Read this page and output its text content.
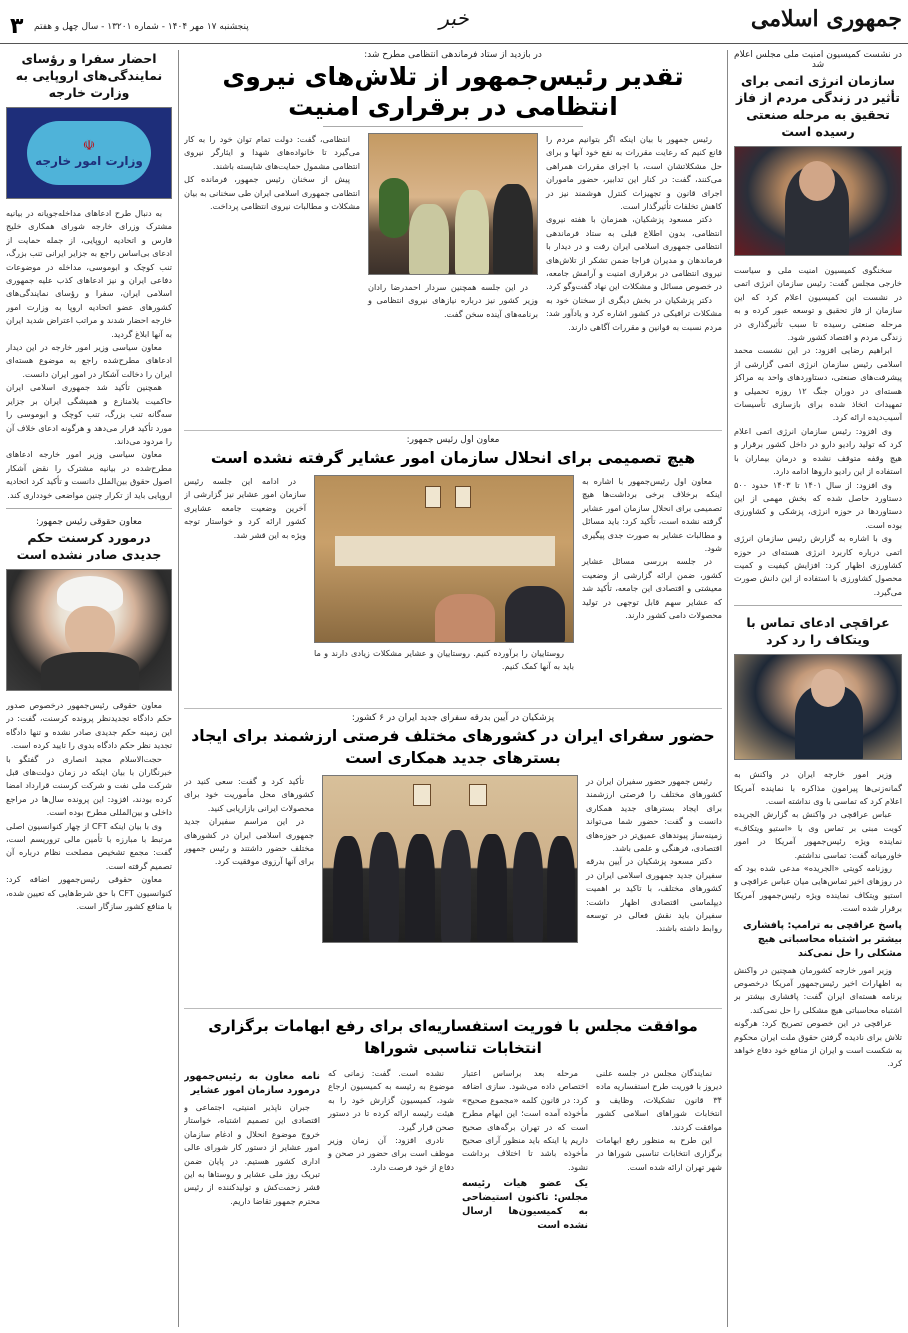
جمهوری اسلامی
خبر
پنجشنبه ۱۷ مهر ۱۴۰۴ - شماره ۱۳۲۰۱ - سال چهل و هفتم
۳
در نشست کمیسیون امنیت ملی مجلس اعلام شد
سازمان انرژی اتمی برای تأثیر در زندگی مردم از فاز تحقیق به مرحله صنعتی رسیده است

سخنگوی کمیسیون امنیت ملی و سیاست خارجی مجلس گفت: رئیس سازمان انرژی اتمی در نشست این کمیسیون اعلام کرد که این سازمان از فاز تحقیق و توسعه عبور کرده و به مرحله صنعتی رسیده تا سبب تأثیرگذاری در زندگی مردم و اقتصاد کشور شود.

ابراهیم رضایی افزود: در این نشست محمد اسلامی رئیس سازمان انرژی اتمی گزارشی از پیشرفت‌های صنعتی، دستاوردهای واحد به مراکز هسته‌ای در دوران جنگ ۱۲ روزه تحمیلی و تمهیدات اتخاذ شده برای بازسازی تأسیسات آسیب‌دیده ارائه کرد.

وی افزود: رئیس سازمان انرژی اتمی اعلام کرد که تولید رادیو دارو در داخل کشور برقرار و هیچ وقفه متوقف نشده و درمان بیماران با استفاده از این رادیو داروها ادامه دارد.

وی افزود: از سال ۱۴۰۱ تا ۱۴۰۳ حدود ۵۰۰ دستاورد حاصل شده که بخش مهمی از این دستاوردها در حوزه انرژی، پزشکی و کشاورزی بوده است.

وی با اشاره به گزارش رئیس سازمان انرژی اتمی درباره کاربرد انرژی هسته‌ای در حوزه کشاورزی اظهار کرد: افزایش کیفیت و کمیت محصول کشاورزی با استفاده از این دانش صورت می‌گیرد.

عراقچی ادعای تماس با ویتکاف را رد کرد

وزیر امور خارجه ایران در واکنش به گمانه‌زنی‌ها پیرامون مذاکره با نماینده آمریکا اعلام کرد که تماسی با وی نداشته است.

عباس عراقچی در واکنش به گزارش الجریده کویت مبنی بر تماس وی با «استیو ویتکاف» نماینده ویژه رئیس‌جمهور آمریکا در امور خاورمیانه گفت: تماسی نداشتم.

روزنامه کویتی «الجریده» مدعی شده بود که در روزهای اخیر تماس‌هایی میان عباس عراقچی و استیو ویتکاف نماینده ویژه رئیس‌جمهور آمریکا برقرار شده است.

پاسخ عراقچی به ترامپ: پافشاری بیشتر بر اشتباه محاسباتی هیچ مشکلی را حل نمی‌کند

وزیر امور خارجه کشورمان همچنین در واکنش به اظهارات اخیر رئیس‌جمهور آمریکا درخصوص برنامه هسته‌ای ایران گفت: پافشاری بیشتر بر اشتباه محاسباتی هیچ مشکلی را حل نمی‌کند.

عراقچی در این خصوص تصریح کرد: هرگونه تلاش برای نادیده گرفتن حقوق ملت ایران محکوم به شکست است و ایران از منافع خود دفاع خواهد کرد.

در بازدید از ستاد فرماندهی انتظامی مطرح شد:
تقدیر رئیس‌جمهور از تلاش‌های نیروی انتظامی در برقراری امنیت

رئیس جمهور با بیان اینکه اگر بتوانیم مردم را قانع کنیم که رعایت مقررات به نفع خود آنها و برای حل مشکلاتشان است، با اجرای مقررات همراهی می‌کنند، گفت: در کنار این تدابیر، حضور ماموران اجرای قانون و تجهیزات کنترل هوشمند نیز در کاهش تخلفات تأثیرگذار است.

دکتر مسعود پزشکیان، همزمان با هفته نیروی انتظامی، بدون اطلاع قبلی به ستاد فرماندهی انتظامی جمهوری اسلامی ایران رفت و در دیدار با فرماندهان و مدیران فراجا ضمن تشکر از تلاش‌های نیروی انتظامی در برقراری امنیت و آرامش جامعه، در خصوص مسائل و مشکلات این نهاد گفت‌وگو کرد.

دکتر پزشکیان در بخش دیگری از سخنان خود به مشکلات ترافیکی در کشور اشاره کرد و یادآور شد: مردم نسبت به قوانین و مقررات آگاهی دارند.

در این جلسه همچنین سردار احمدرضا رادان وزیر کشور نیز درباره نیازهای نیروی انتظامی و برنامه‌های آینده سخن گفت.

انتظامی، گفت: دولت تمام توان خود را به کار می‌گیرد تا خانواده‌های شهدا و ایثارگر نیروی انتظامی مشمول حمایت‌های شایسته باشند.

پیش از سخنان رئیس جمهور، فرمانده کل انتظامی جمهوری اسلامی ایران طی سخنانی به بیان مشکلات و مطالبات نیروی انتظامی پرداخت.

معاون اول رئیس جمهور:
هیچ تصمیمی برای انحلال سازمان امور عشایر گرفته نشده است

معاون اول رئیس‌جمهور با اشاره به اینکه برخلاف برخی برداشت‌ها هیچ تصمیمی برای انحلال سازمان امور عشایر گرفته نشده است، تأکید کرد: باید مسائل و مطالبات عشایر به صورت جدی پیگیری شود.

در جلسه بررسی مسائل عشایر کشور، ضمن ارائه گزارشی از وضعیت معیشتی و اقتصادی این جامعه، تأکید شد که عشایر سهم قابل توجهی در تولید محصولات دامی کشور دارند.

روستاییان را برآورده کنیم. روستاییان و عشایر مشکلات زیادی دارند و ما باید به آنها کمک کنیم.

در ادامه این جلسه رئیس سازمان امور عشایر نیز گزارشی از آخرین وضعیت جامعه عشایری کشور ارائه کرد و خواستار توجه ویژه به این قشر شد.

پزشکیان در آیین بدرقه سفرای جدید ایران در ۶ کشور:
حضور سفرای ایران در کشورهای مختلف فرصتی ارزشمند برای ایجاد بسترهای جدید همکاری است

رئیس جمهور حضور سفیران ایران در کشورهای مختلف را فرصتی ارزشمند برای ایجاد بسترهای جدید همکاری دانست و گفت: حضور شما می‌تواند زمینه‌ساز پیوندهای عمیق‌تر در حوزه‌های اقتصادی، فرهنگی و علمی باشد.

دکتر مسعود پزشکیان در آیین بدرقه سفیران جدید جمهوری اسلامی ایران در کشورهای مختلف، با تاکید بر اهمیت دیپلماسی اقتصادی اظهار داشت: سفیران باید نقش فعالی در توسعه روابط داشته باشند.

تأکید کرد و گفت: سعی کنید در کشورهای محل مأموریت خود برای محصولات ایرانی بازاریابی کنید.

در این مراسم سفیران جدید جمهوری اسلامی ایران در کشورهای مختلف حضور داشتند و رئیس جمهور برای آنها آرزوی موفقیت کرد.

موافقت مجلس با فوریت استفساریه‌ای برای رفع ابهامات برگزاری انتخابات تناسبی شوراها

نمایندگان مجلس در جلسه علنی دیروز با فوریت طرح استفساریه ماده ۳۴ قانون تشکیلات، وظایف و انتخابات شوراهای اسلامی کشور موافقت کردند.

این طرح به منظور رفع ابهامات برگزاری انتخابات تناسبی شوراها در شهر تهران ارائه شده است.

مرحله بعد براساس اعتبار اختصاص داده می‌شود. سازی اضافه کرد: در قانون کلمه «مجموع صحیح» مأخوذه آمده است؛ این ابهام مطرح است که در تهران برگه‌های صحیح داریم یا اینکه باید منظور آرای صحیح مأخوذه باشد تا اختلاف برداشت نشود.

یک عضو هیات رئیسه مجلس: تاکنون استیضاحی به کمیسیون‌ها ارسال نشده است

نشده است. گفت: زمانی که موضوع به رئیسه به کمیسیون ارجاع شود، کمیسیون گزارش خود را به هیئت رئیسه ارائه کرده تا در دستور صحن قرار گیرد.

نادری افزود: آن زمان وزیر موظف است برای حضور در صحن و دفاع از خود فرصت دارد.

نامه معاون به رئیس‌جمهور درمورد سازمان امور عشایر

جبران ناپذیر امنیتی، اجتماعی و اقتصادی این تصمیم اشتباه، خواستار خروج موضوع انحلال و ادغام سازمان امور عشایر از دستور کار شورای عالی اداری کشور هستیم. در پایان ضمن تبریک روز ملی عشایر و روستاها به این قشر زحمت‌کش و تولیدکننده از رئیس محترم جمهور تقاضا داریم.

احضار سفرا و رؤسای نمایندگی‌های اروپایی به وزارت خارجه
☫
وزارت امور خارجه

به دنبال طرح ادعاهای مداخله‌جویانه در بیانیه مشترک وزرای خارجه شورای همکاری خلیج فارس و اتحادیه اروپایی، از جمله حمایت از ادعای بی‌اساس راجع به جزایر ایرانی تنب بزرگ، تنب کوچک و ابوموسی، مداخله در موضوعات دفاعی ایران و نیز ادعاهای کذب علیه جمهوری اسلامی ایران، سفرا و رؤسای نمایندگی‌های کشورهای عضو اتحادیه اروپا به وزارت امور خارجه احضار شدند و مراتب اعتراض شدید ایران به آنها ابلاغ گردید.

معاون سیاسی وزیر امور خارجه در این دیدار ادعاهای مطرح‌شده راجع به موضوع هسته‌ای ایران را دخالت آشکار در امور ایران دانست.

همچنین تأکید شد جمهوری اسلامی ایران حاکمیت بلامنازع و همیشگی ایران بر جزایر سه‌گانه تنب بزرگ، تنب کوچک و ابوموسی را مورد تأکید قرار می‌دهد و هرگونه ادعای خلاف آن را مردود می‌داند.

معاون سیاسی وزیر امور خارجه ادعاهای مطرح‌شده در بیانیه مشترک را نقض آشکار اصول حقوق بین‌الملل دانست و تأکید کرد اتحادیه اروپایی باید از تکرار چنین مواضعی خودداری کند.

معاون حقوقی رئیس جمهور:
درمورد کرسنت حکم جدیدی صادر نشده است

معاون حقوقی رئیس‌جمهور درخصوص صدور حکم دادگاه تجدیدنظر پرونده کرسنت، گفت: در این زمینه حکم جدیدی صادر نشده و تنها دادگاه تجدید نظر حکم دادگاه بدوی را تایید کرده است.

حجت‌الاسلام مجید انصاری در گفتگو با خبرنگاران با بیان اینکه در زمان دولت‌های قبل شرکت ملی نفت و شرکت کرسنت قرارداد امضا کرده بودند، افزود: این پرونده سال‌ها در مراجع داخلی و بین‌المللی مطرح بوده است.

وی با بیان اینکه CFT از چهار کنوانسیون اصلی مرتبط با مبارزه با تأمین مالی تروریسم است، گفت: مجمع تشخیص مصلحت نظام درباره آن تصمیم گرفته است.

معاون حقوقی رئیس‌جمهور اضافه کرد: کنوانسیون CFT با حق شرط‌هایی که تعیین شده، با منافع کشور سازگار است.
